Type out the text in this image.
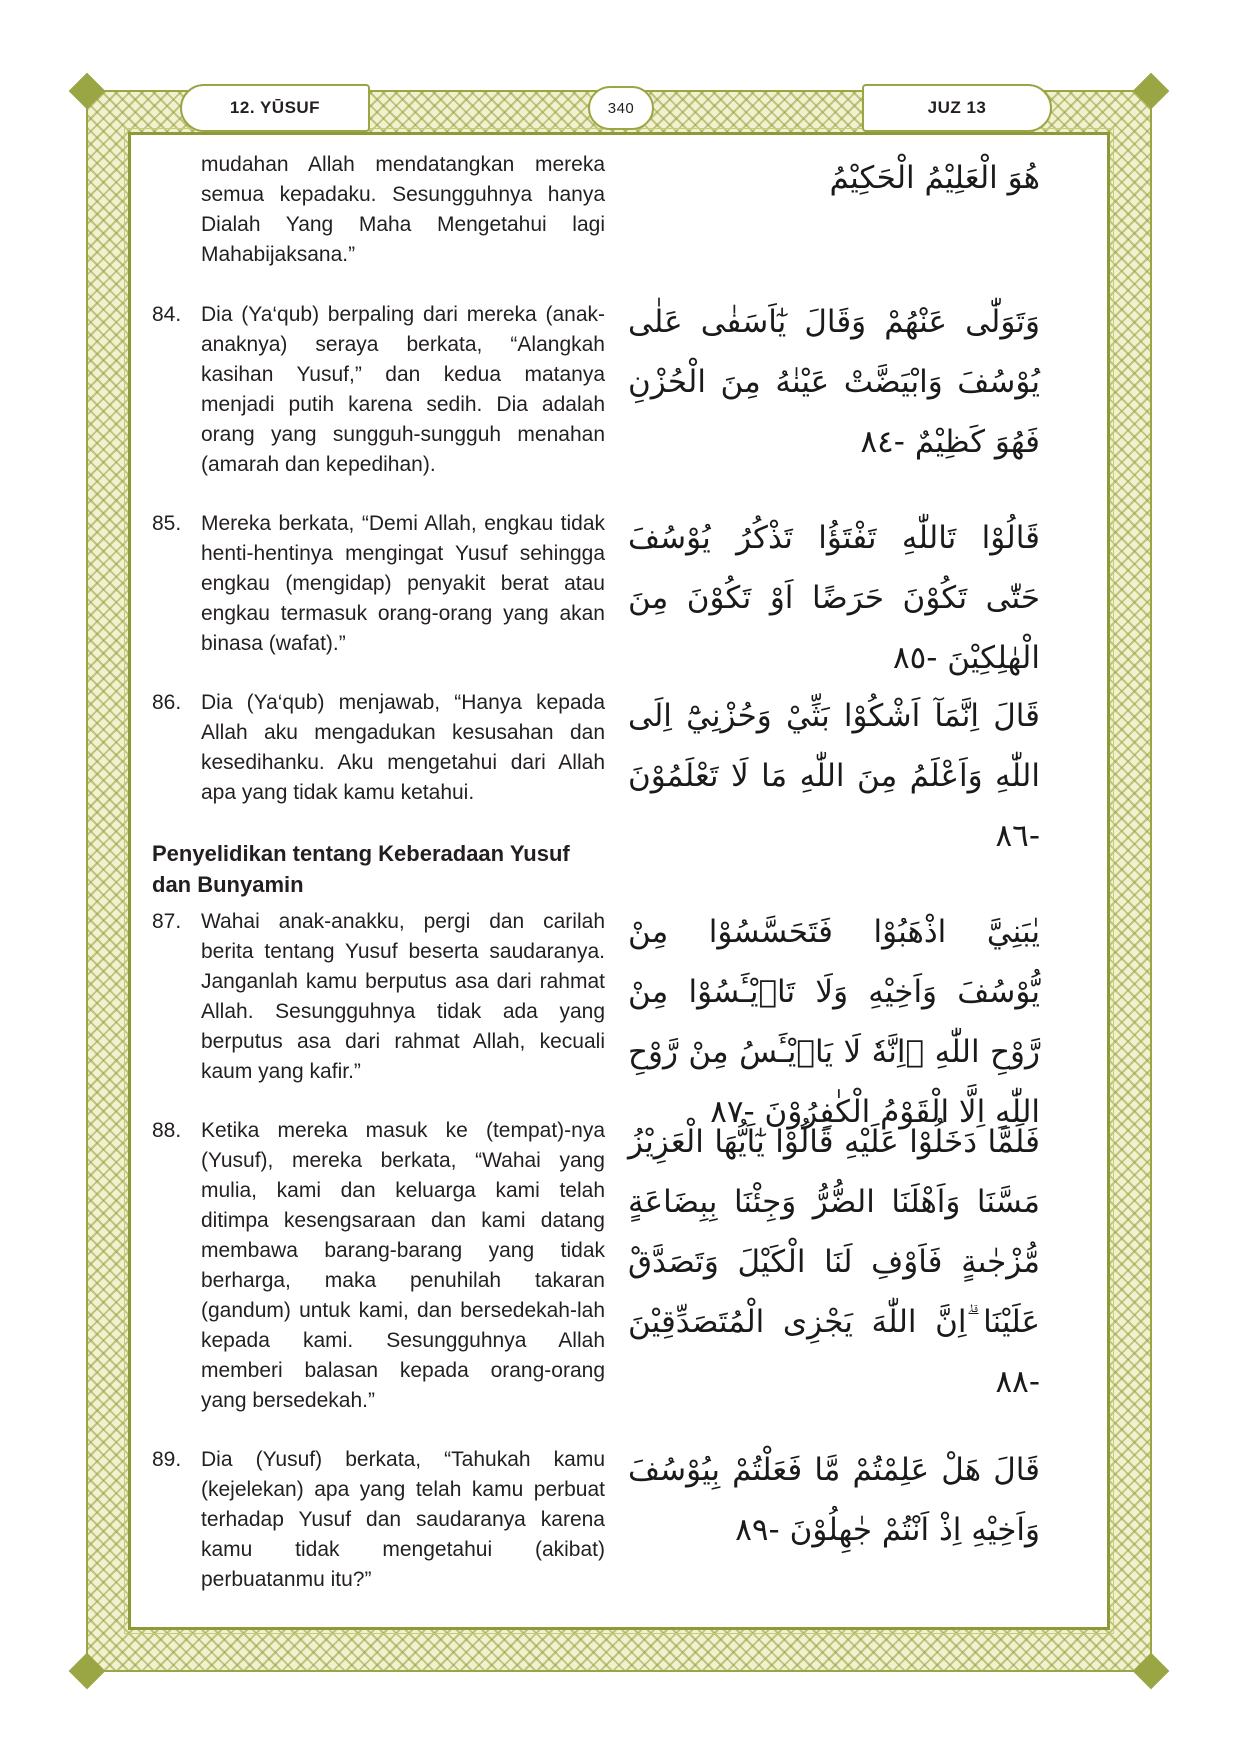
12. YŪSUF	340	JUZ 13
هُوَ الْعَلِيْمُ الْحَكِيْمُ
mudahan Allah mendatangkan mereka semua kepadaku. Sesungguhnya hanya Dialah Yang Maha Mengetahui lagi Mahabijaksana.”
84. Dia (Ya‘qub) berpaling dari mereka (anak-anaknya) seraya berkata, “Alangkah kasihan Yusuf,” dan kedua matanya menjadi putih karena sedih. Dia adalah orang yang sungguh-sungguh menahan (amarah dan kepedihan).
وَتَوَلّٰى عَنْهُمْ وَقَالَ يٰٓاَسَفٰى عَلٰى يُوْسُفَ وَابْيَضَّتْ عَيْنٰهُ مِنَ الْحُزْنِ فَهُوَ كَظِيْمٌ -٨٤
85. Mereka berkata, “Demi Allah, engkau tidak henti-hentinya mengingat Yusuf sehingga engkau (mengidap) penyakit berat atau engkau termasuk orang-orang yang akan binasa (wafat).”
قَالُوْا تَاللّٰهِ تَفْتَؤُا تَذْكُرُ يُوْسُفَ حَتّٰى تَكُوْنَ حَرَضًا اَوْ تَكُوْنَ مِنَ الْهٰلِكِيْنَ -٨٥
86. Dia (Ya‘qub) menjawab, “Hanya kepada Allah aku mengadukan kesusahan dan kesedihanku. Aku mengetahui dari Allah apa yang tidak kamu ketahui.
قَالَ اِنَّمَآ اَشْكُوْا بَثِّيْ وَحُزْنِيْٓ اِلَى اللّٰهِ وَاَعْلَمُ مِنَ اللّٰهِ مَا لَا تَعْلَمُوْنَ -٨٦
Penyelidikan tentang Keberadaan Yusuf dan Bunyamin
87. Wahai anak-anakku, pergi dan carilah berita tentang Yusuf beserta saudaranya. Janganlah kamu berputus asa dari rahmat Allah. Sesungguhnya tidak ada yang berputus asa dari rahmat Allah, kecuali kaum yang kafir.”
يٰبَنِيَّ اذْهَبُوْا فَتَحَسَّسُوْا مِنْ يُّوْسُفَ وَاَخِيْهِ وَلَا تَا۟يْـَٔسُوْا مِنْ رَّوْحِ اللّٰهِ ۗاِنَّهٗ لَا يَا۟يْـَٔسُ مِنْ رَّوْحِ اللّٰهِ اِلَّا الْقَوْمُ الْكٰفِرُوْنَ -٨٧
88. Ketika mereka masuk ke (tempat)-nya (Yusuf), mereka berkata, “Wahai yang mulia, kami dan keluarga kami telah ditimpa kesengsaraan dan kami datang membawa barang-barang yang tidak berharga, maka penuhilah takaran (gandum) untuk kami, dan bersedekah-lah kepada kami. Sesungguhnya Allah memberi balasan kepada orang-orang yang bersedekah.”
فَلَمَّا دَخَلُوْا عَلَيْهِ قَالُوْا يٰٓاَيُّهَا الْعَزِيْزُ مَسَّنَا وَاَهْلَنَا الضُّرُّ وَجِئْنَا بِبِضَاعَةٍ مُّزْجٰىةٍ فَاَوْفِ لَنَا الْكَيْلَ وَتَصَدَّقْ عَلَيْنَا ۗاِنَّ اللّٰهَ يَجْزِى الْمُتَصَدِّقِيْنَ -٨٨
89. Dia (Yusuf) berkata, “Tahukah kamu (kejelekan) apa yang telah kamu perbuat terhadap Yusuf dan saudaranya karena kamu tidak mengetahui (akibat) perbuatanmu itu?”
قَالَ هَلْ عَلِمْتُمْ مَّا فَعَلْتُمْ بِيُوْسُفَ وَاَخِيْهِ اِذْ اَنْتُمْ جٰهِلُوْنَ -٨٩
